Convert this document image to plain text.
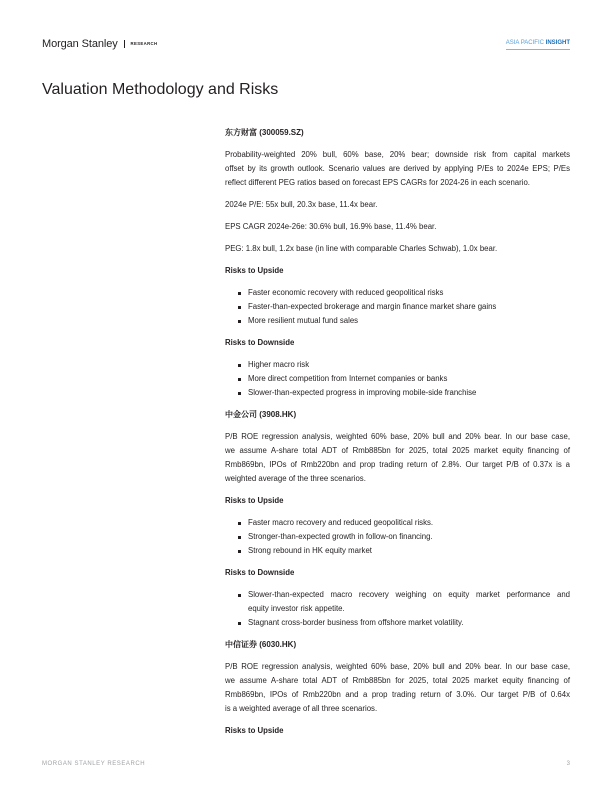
Morgan Stanley	RESEARCH	ASIA PACIFIC INSIGHT
Valuation Methodology and Risks
东方财富 (300059.SZ)
Probability-weighted 20% bull, 60% base, 20% bear; downside risk from capital markets
offset by its growth outlook. Scenario values are derived by applying P/Es to 2024e EPS; P/Es
reflect different PEG ratios based on forecast EPS CAGRs for 2024-26 in each scenario.
2024e P/E: 55x bull, 20.3x base, 11.4x bear.
EPS CAGR 2024e-26e: 30.6% bull, 16.9% base, 11.4% bear.
PEG: 1.8x bull, 1.2x base (in line with comparable Charles Schwab), 1.0x bear.
Risks to Upside
Faster economic recovery with reduced geopolitical risks
Faster-than-expected brokerage and margin finance market share gains
More resilient mutual fund sales
Risks to Downside
Higher macro risk
More direct competition from Internet companies or banks
Slower-than-expected progress in improving mobile-side franchise
中金公司 (3908.HK)
P/B ROE regression analysis, weighted 60% base, 20% bull and 20% bear. In our base case,
we assume A-share total ADT of Rmb885bn for 2025, total 2025 market equity financing of
Rmb869bn, IPOs of Rmb220bn and prop trading return of 2.8%. Our target P/B of 0.37x is a
weighted average of the three scenarios.
Risks to Upside
Faster macro recovery and reduced geopolitical risks.
Stronger-than-expected growth in follow-on financing.
Strong rebound in HK equity market
Risks to Downside
Slower-than-expected macro recovery weighing on equity market performance and
equity investor risk appetite.
Stagnant cross-border business from offshore market volatility.
中信证券 (6030.HK)
P/B ROE regression analysis, weighted 60% base, 20% bull and 20% bear. In our base case,
we assume A-share total ADT of Rmb885bn for 2025, total 2025 market equity financing of
Rmb869bn, IPOs of Rmb220bn and a prop trading return of 3.0%. Our target P/B of 0.64x
is a weighted average of all three scenarios.
Risks to Upside
MORGAN STANLEY RESEARCH	3
